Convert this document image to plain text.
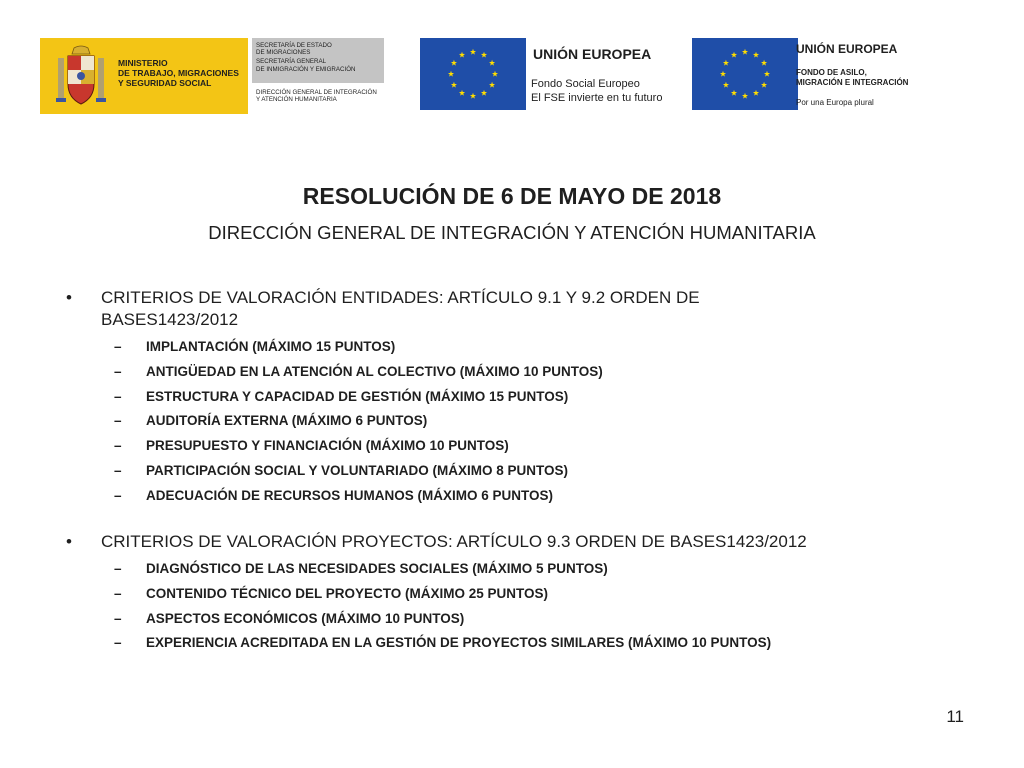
MINISTERIO
DE TRABAJO, MIGRACIONES
Y SEGURIDAD SOCIAL
SECRETARÍA DE ESTADO
DE MIGRACIONES
SECRETARÍA GENERAL
DE INMIGRACIÓN Y EMIGRACIÓN
DIRECCIÓN GENERAL DE INTEGRACIÓN
Y ATENCIÓN HUMANITARIA
UNIÓN EUROPEA
Fondo Social Europeo
El FSE invierte en tu futuro
UNIÓN EUROPEA
FONDO DE ASILO,
MIGRACIÓN E INTEGRACIÓN
Por una Europa plural
RESOLUCIÓN DE 6 DE MAYO DE 2018
DIRECCIÓN GENERAL DE INTEGRACIÓN Y ATENCIÓN HUMANITARIA
•	CRITERIOS DE VALORACIÓN ENTIDADES: ARTÍCULO 9.1 Y 9.2 ORDEN DE
BASES1423/2012
– IMPLANTACIÓN (MÁXIMO 15 PUNTOS)
– ANTIGÜEDAD EN LA ATENCIÓN AL COLECTIVO (MÁXIMO 10 PUNTOS)
– ESTRUCTURA Y CAPACIDAD DE GESTIÓN (MÁXIMO 15 PUNTOS)
– AUDITORÍA EXTERNA (MÁXIMO 6 PUNTOS)
– PRESUPUESTO Y FINANCIACIÓN (MÁXIMO 10 PUNTOS)
– PARTICIPACIÓN SOCIAL Y VOLUNTARIADO (MÁXIMO 8 PUNTOS)
– ADECUACIÓN DE RECURSOS HUMANOS (MÁXIMO 6 PUNTOS)
•	CRITERIOS DE VALORACIÓN PROYECTOS: ARTÍCULO 9.3 ORDEN DE BASES1423/2012
– DIAGNÓSTICO DE LAS NECESIDADES SOCIALES (MÁXIMO 5 PUNTOS)
– CONTENIDO TÉCNICO DEL PROYECTO (MÁXIMO 25 PUNTOS)
– ASPECTOS ECONÓMICOS (MÁXIMO 10 PUNTOS)
– EXPERIENCIA ACREDITADA EN LA GESTIÓN DE PROYECTOS SIMILARES (MÁXIMO 10 PUNTOS)
11
